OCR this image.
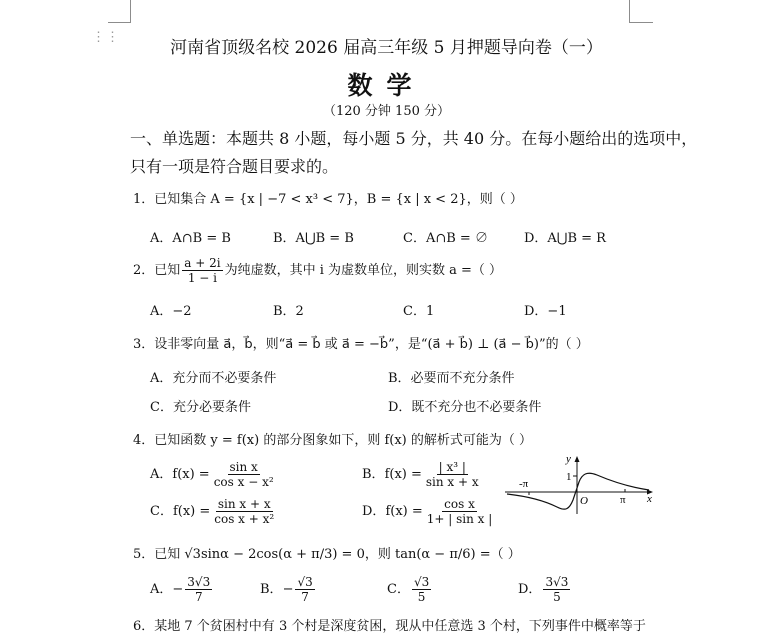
⋮⋮
河南省顶级名校 2026 届高三年级 5 月押题导向卷（一）
数学
（120 分钟 150 分）
一、单选题：本题共 8 小题，每小题 5 分，共 40 分。在每小题给出的选项中，
只有一项是符合题目要求的。
1．已知集合 A = {x | −7 < x³ < 7}，B = {x | x < 2}，则（ ）
A．A∩B = B	B．A⋃B = B	C．A∩B = ∅	D．A⋃B = R
2．已知 $\frac{a + 2i}{1 - i}$ 为纯虚数，其中 i 为虚数单位，则实数 a =（ ）
A．−2	B．2	C．1	D．−1
3．设非零向量 a⃗，b⃗，则“a⃗ = b⃗ 或 a⃗ = −b⃗”，是“(a⃗ + b⃗) ⊥ (a⃗ − b⃗)”的（ ）
A．充分而不必要条件	B．必要而不充分条件
C．充分必要条件	D．既不充分也不必要条件
4．已知函数 y = f(x) 的部分图象如下，则 f(x) 的解析式可能为（ ）
A．$f(x) = \frac{\text{sin x}}{\text{cos x − x²}}$	B．$f(x) = \frac{\text{| x³ |}}{\text{sin x + x}}$
C．$f(x) = \frac{\text{sin x + x}}{\text{cos x + x²}}$	D．$f(x) = \frac{\text{cos x}}{\text{1+ | sin x |}}$
y
x
O
1
-π
π
5．已知 √3sinα − 2cos(α + π/3) = 0，则 tan(α − π/6) =（ ）
A．− $\frac{3√3}{7}$	B．− $\frac{√3}{7}$	C． $\frac{√3}{5}$	D． $\frac{3√3}{5}$
6．某地 7 个贫困村中有 3 个村是深度贫困，现从中任意选 3 个村，下列事件中概率等于
